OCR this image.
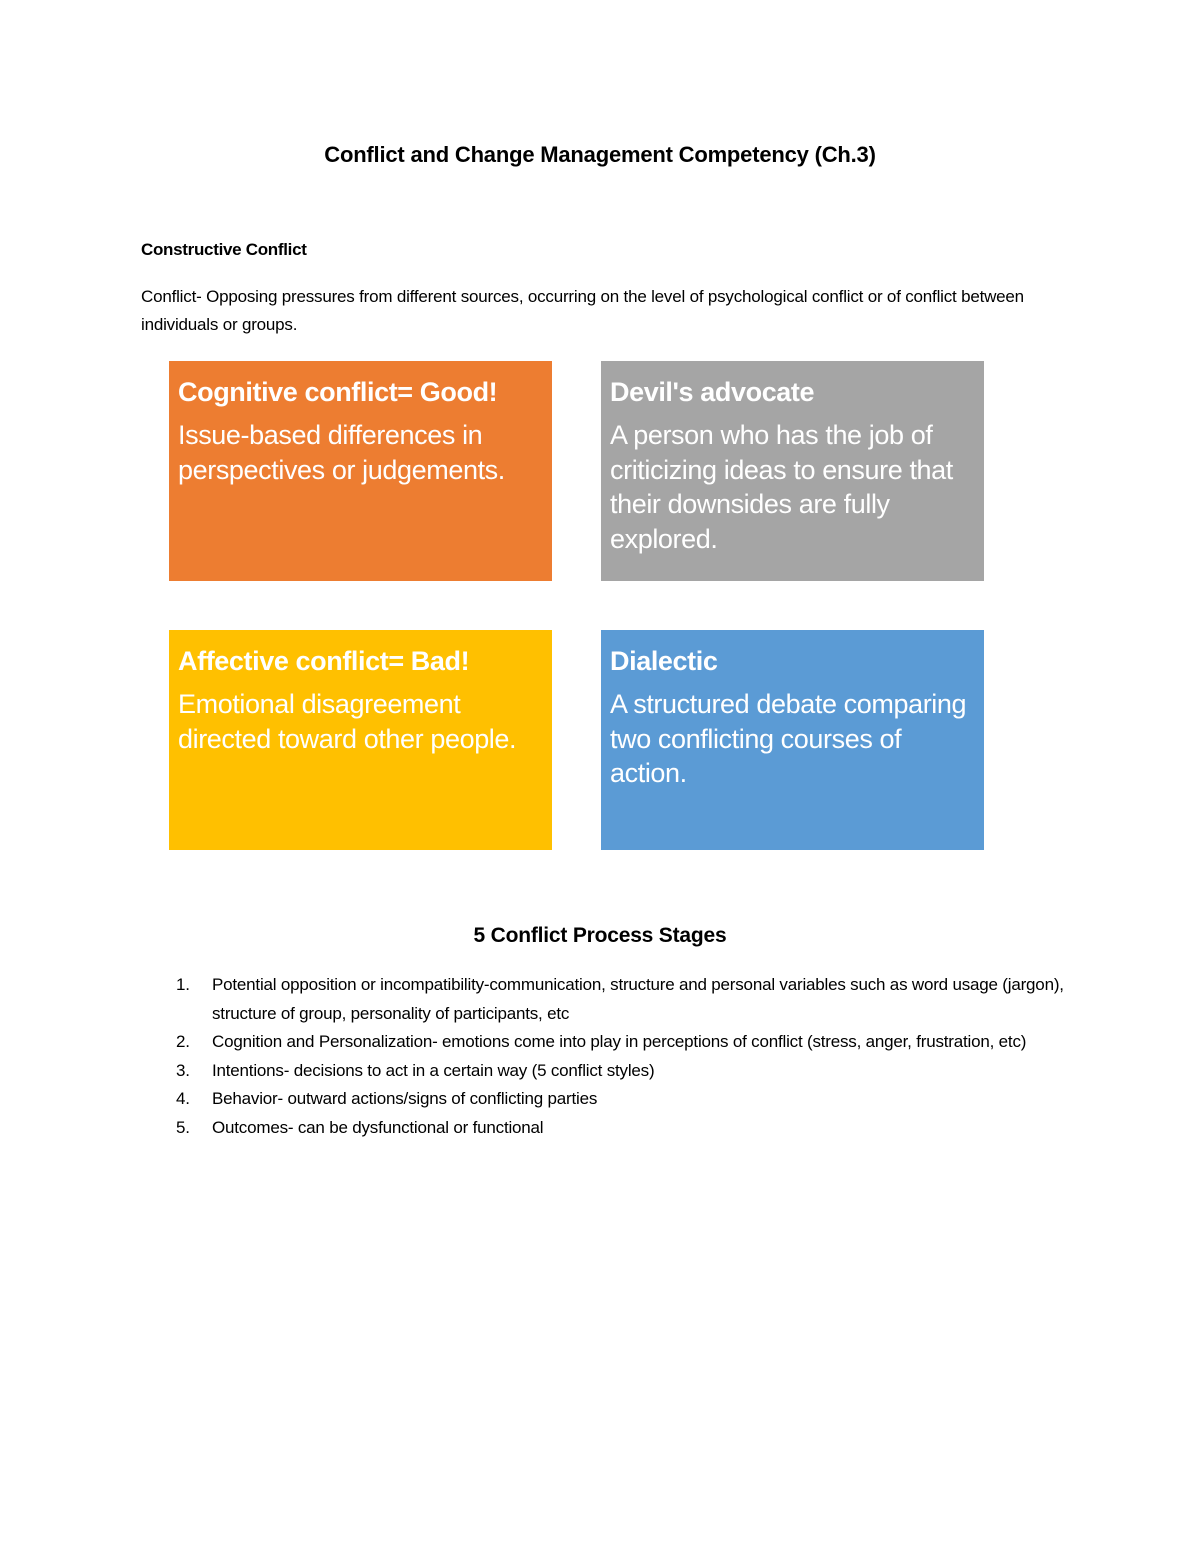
Conflict and Change Management Competency (Ch.3)
Constructive Conflict
Conflict- Opposing pressures from different sources, occurring on the level of psychological conflict or of conflict between individuals or groups.
Cognitive conflict= Good!
Issue-based differences in perspectives or judgements.
Devil's advocate
A person who has the job of criticizing ideas to ensure that their downsides are fully explored.
Affective conflict= Bad!
Emotional disagreement directed toward other people.
Dialectic
A structured debate comparing two conflicting courses of action.
5 Conflict Process Stages
1. Potential opposition or incompatibility-communication, structure and personal variables such as word usage (jargon), structure of group, personality of participants, etc
2. Cognition and Personalization- emotions come into play in perceptions of conflict (stress, anger, frustration, etc)
3. Intentions- decisions to act in a certain way (5 conflict styles)
4. Behavior- outward actions/signs of conflicting parties
5. Outcomes- can be dysfunctional or functional
